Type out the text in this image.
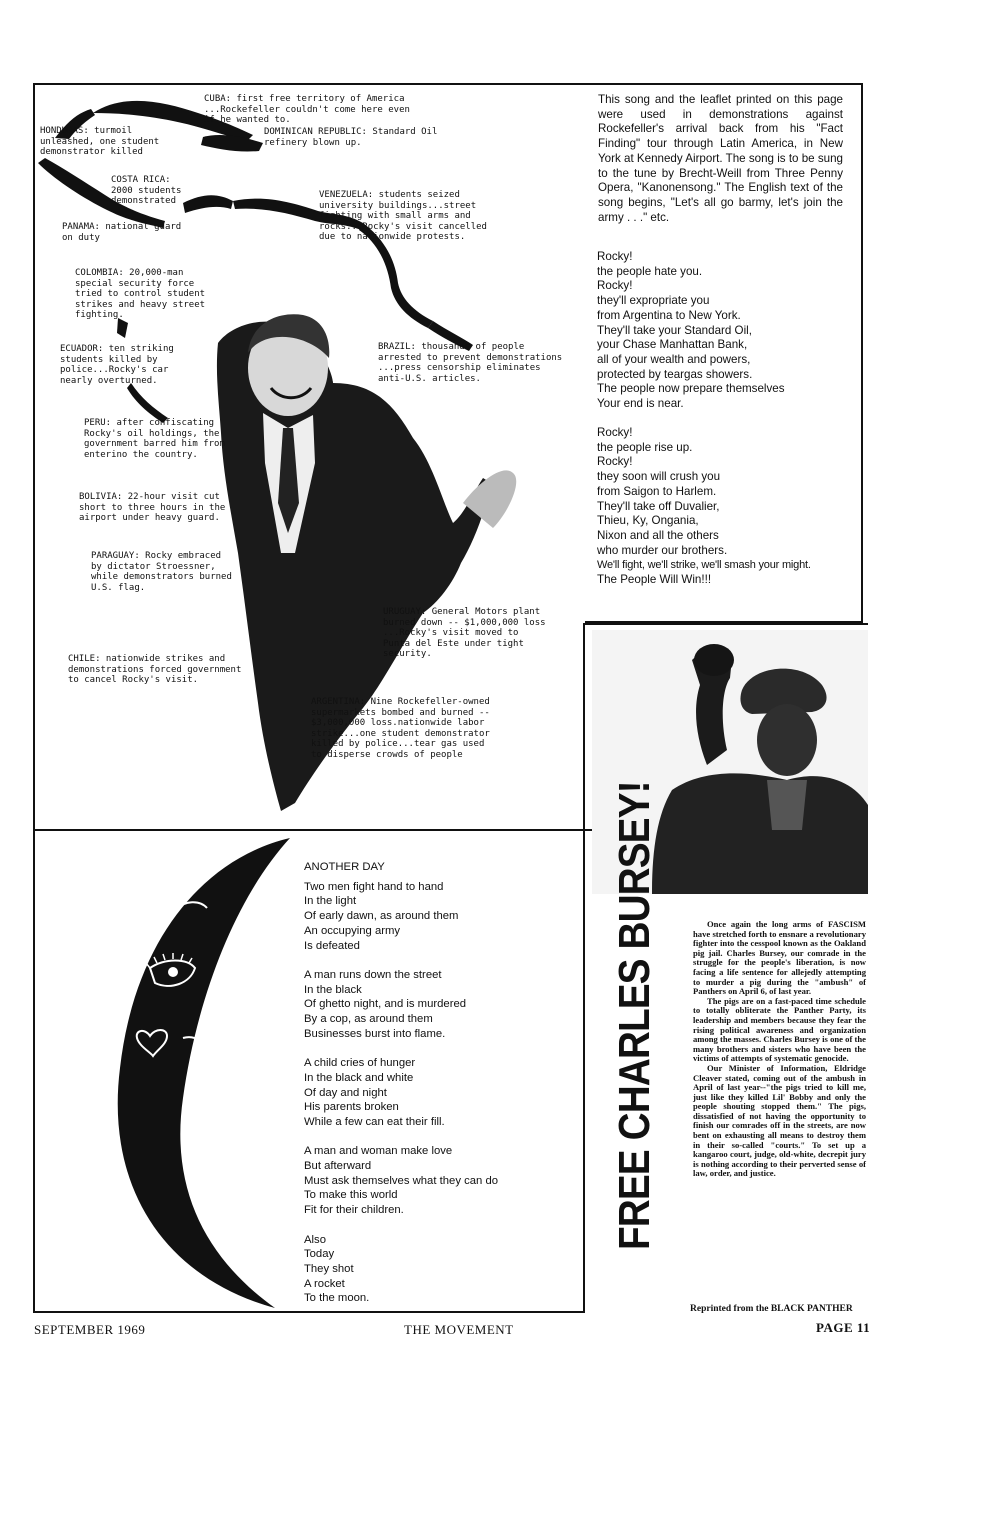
CUBA: first free territory of America
...Rockefeller couldn't come here even
if he wanted to.
HONDURAS: turmoil
unleashed, one student
demonstrator killed
DOMINICAN REPUBLIC: Standard Oil
refinery blown up.
COSTA RICA:
2000 students
demonstrated
VENEZUELA: students seized
university buildings...street
fighting with small arms and
rocks...Rocky's visit cancelled
due to nationwide protests.
PANAMA: national guard
on duty
COLOMBIA: 20,000-man
special security force
tried to control student
strikes and heavy street
fighting.
ECUADOR: ten striking
students killed by
police...Rocky's car
nearly overturned.
BRAZIL: thousands of people
arrested to prevent demonstrations
...press censorship eliminates
anti-U.S. articles.
PERU: after confiscating
Rocky's oil holdings, the
government barred him from
enterino the country.
BOLIVIA: 22-hour visit cut
short to three hours in the
airport under heavy guard.
PARAGUAY: Rocky embraced
by dictator Stroessner,
while demonstrators burned
U.S. flag.
URUGUAY: General Motors plant
burned down -- $1,000,000 loss
...Rocky's visit moved to
Punta del Este under tight
security.
CHILE: nationwide strikes and
demonstrations forced government
to cancel Rocky's visit.
ARGENTINA: Nine Rockefeller-owned
supermarkets bombed and burned --
$3,000,000 loss.nationwide labor
strike...one student demonstrator
killed by police...tear gas used
to disperse crowds of people
This song and the leaflet printed on this page were used in demonstrations against Rockefeller's arrival back from his "Fact Finding" tour through Latin America, in New York at Kennedy Airport. The song is to be sung to the tune by Brecht-Weill from Three Penny Opera, "Kanonensong." The English text of the song begins, "Let's all go barmy, let's join the army . . ." etc.
Rocky!
the people hate you.
Rocky!
they'll expropriate you
from Argentina to New York.
They'll take your Standard Oil,
your Chase Manhattan Bank,
all of your wealth and powers,
protected by teargas showers.
The people now prepare themselves
Your end is near.
Rocky!
the people rise up.
Rocky!
they soon will crush you
from Saigon to Harlem.
They'll take off Duvalier,
Thieu, Ky, Ongania,
Nixon and all the others
who murder our brothers.
We'll fight, we'll strike, we'll smash your might.
The People Will Win!!!
FREE CHARLES BURSEY!	Once again the long arms of FASCISM have stretched forth to ensnare a revolutionary fighter into the cesspool known as the Oakland pig jail. Charles Bursey, our comrade in the struggle for the people's liberation, is now facing a life sentence for allejedly attempting to murder a pig during the "ambush" of Panthers on April 6, of last year.

The pigs are on a fast-paced time schedule to totally obliterate the Panther Party, its leadership and members because they fear the rising political awareness and organization among the masses. Charles Bursey is one of the many brothers and sisters who have been the victims of attempts of systematic genocide.

Our Minister of Information, Eldridge Cleaver stated, coming out of the ambush in April of last year--"the pigs tried to kill me, just like they killed Lil' Bobby and only the people shouting stopped them." The pigs, dissatisfied of not having the opportunity to finish our comrades off in the streets, are now bent on exhausting all means to destroy them in their so-called "courts." To set up a kangaroo court, judge, old-white, decrepit jury is nothing according to their perverted sense of law, order, and justice.

Reprinted from the BLACK PANTHER
ANOTHER DAY
Two men fight hand to hand
In the light
Of early dawn, as around them
An occupying army
Is defeated
A man runs down the street
In the black
Of ghetto night, and is murdered
By a cop, as around them
Businesses burst into flame.
A child cries of hunger
In the black and white
Of day and night
His parents broken
While a few can eat their fill.
A man and woman make love
But afterward
Must ask themselves what they can do
To make this world
Fit for their children.
Also
Today
They shot
A rocket
To the moon.
SEPTEMBER 1969	THE MOVEMENT	PAGE 11
